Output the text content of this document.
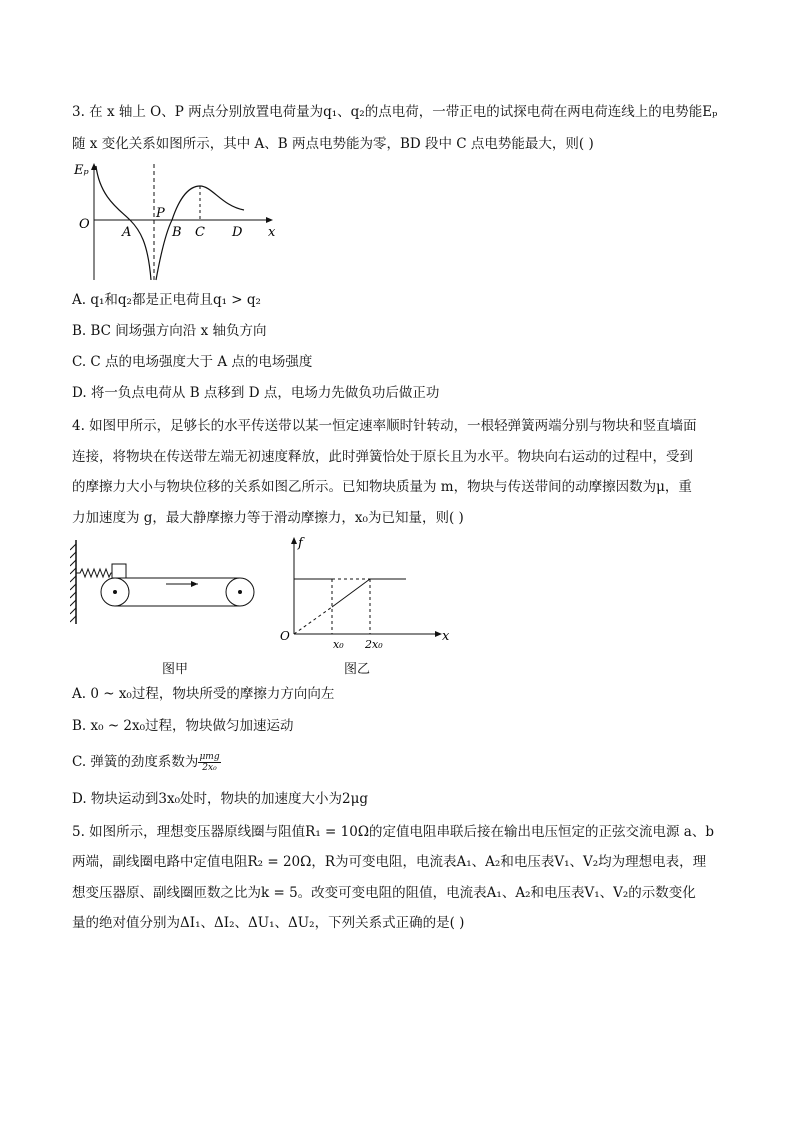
3. 在 x 轴上 O、P 两点分别放置电荷量为q₁、q₂的点电荷，一带正电的试探电荷在两电荷连线上的电势能Eₚ
随 x 变化关系如图所示，其中 A、B 两点电势能为零，BD 段中 C 点电势能最大，则( )
Eₚ
x
O
A
P
B C D
A. q₁和q₂都是正电荷且q₁ > q₂
B. BC 间场强方向沿 x 轴负方向
C. C 点的电场强度大于 A 点的电场强度
D. 将一负点电荷从 B 点移到 D 点，电场力先做负功后做正功
4. 如图甲所示，足够长的水平传送带以某一恒定速率顺时针转动，一根轻弹簧两端分别与物块和竖直墙面
连接，将物块在传送带左端无初速度释放，此时弹簧恰处于原长且为水平。物块向右运动的过程中，受到
的摩擦力大小与物块位移的关系如图乙所示。已知物块质量为 m，物块与传送带间的动摩擦因数为μ，重
力加速度为 g，最大静摩擦力等于滑动摩擦力，x₀为已知量，则( )
图甲
f
x
O
x₀ 2x₀
图乙
A. 0 ~ x₀过程，物块所受的摩擦力方向向左
B. x₀ ~ 2x₀过程，物块做匀加速运动
C. 弹簧的劲度系数为 $\frac{\text{μmg}}{\text{2x₀}}$
D. 物块运动到3x₀处时，物块的加速度大小为2μg
5. 如图所示，理想变压器原线圈与阻值R₁ = 10Ω的定值电阻串联后接在输出电压恒定的正弦交流电源 a、b
两端，副线圈电路中定值电阻R₂ = 20Ω，R为可变电阻，电流表A₁、A₂和电压表V₁、V₂均为理想电表，理
想变压器原、副线圈匝数之比为k = 5。改变可变电阻的阻值，电流表A₁、A₂和电压表V₁、V₂的示数变化
量的绝对值分别为ΔI₁、ΔI₂、ΔU₁、ΔU₂，下列关系式正确的是( )
